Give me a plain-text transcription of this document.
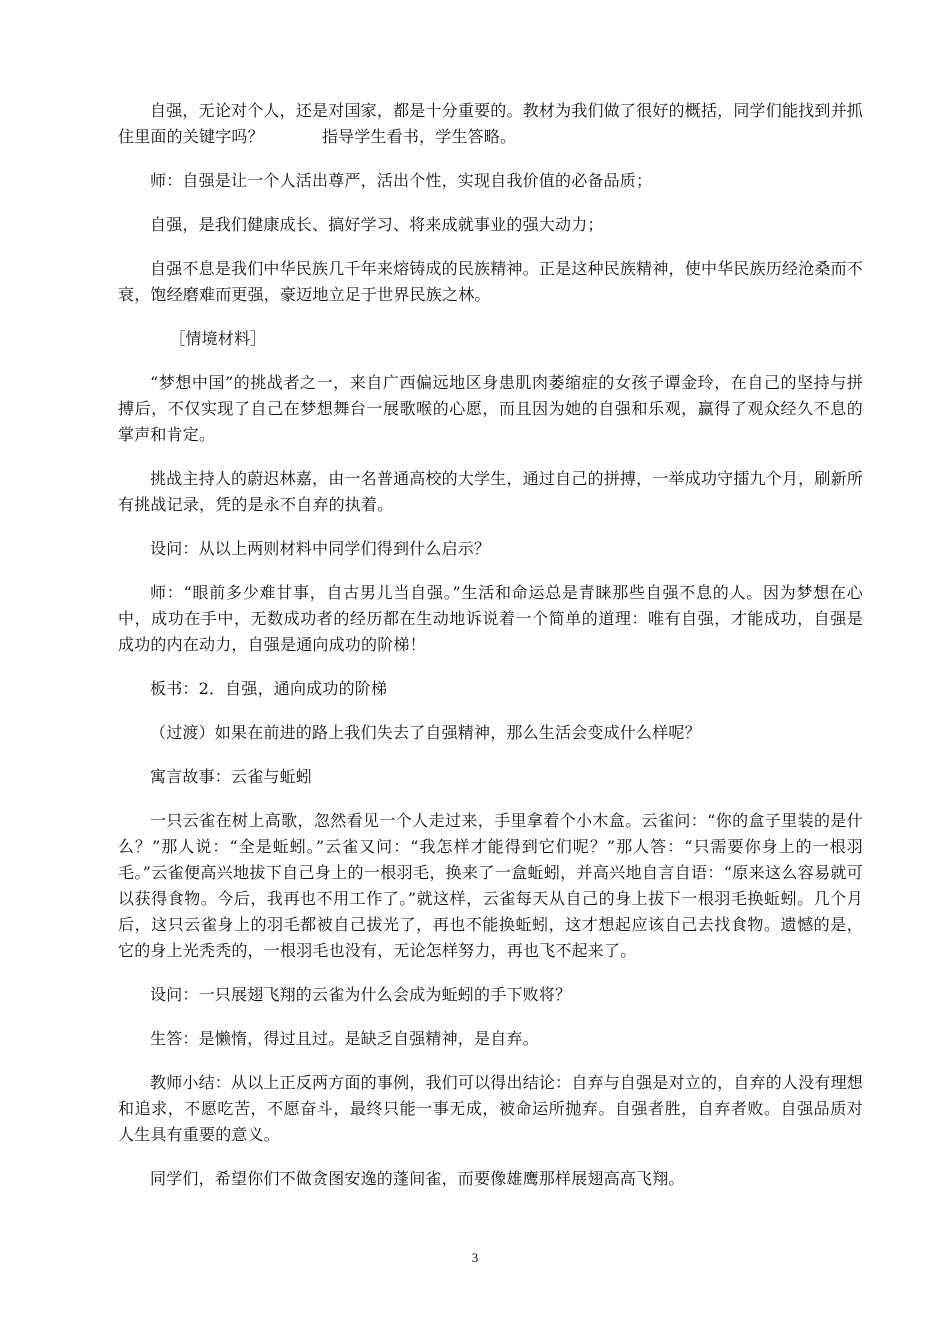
自强，无论对个人，还是对国家，都是十分重要的。教材为我们做了很好的概括，同学们能找到并抓住里面的关键字吗？	指导学生看书，学生答略。

师：自强是让一个人活出尊严，活出个性，实现自我价值的必备品质；

自强，是我们健康成长、搞好学习、将来成就事业的强大动力；

自强不息是我们中华民族几千年来熔铸成的民族精神。正是这种民族精神，使中华民族历经沧桑而不衰，饱经磨难而更强，豪迈地立足于世界民族之林。

［情境材料］

“梦想中国”的挑战者之一，来自广西偏远地区身患肌肉萎缩症的女孩子谭金玲，在自己的坚持与拼搏后，不仅实现了自己在梦想舞台一展歌喉的心愿，而且因为她的自强和乐观，赢得了观众经久不息的掌声和肯定。

挑战主持人的蔚迟林嘉，由一名普通高校的大学生，通过自己的拼搏，一举成功守擂九个月，刷新所有挑战记录，凭的是永不自弃的执着。

设问：从以上两则材料中同学们得到什么启示？

师：“眼前多少难甘事，自古男儿当自强。”生活和命运总是青睐那些自强不息的人。因为梦想在心中，成功在手中，无数成功者的经历都在生动地诉说着一个简单的道理：唯有自强，才能成功，自强是成功的内在动力，自强是通向成功的阶梯！

板书：2．自强，通向成功的阶梯

（过渡）如果在前进的路上我们失去了自强精神，那么生活会变成什么样呢？

寓言故事：云雀与蚯蚓

一只云雀在树上高歌，忽然看见一个人走过来，手里拿着个小木盒。云雀问：“你的盒子里装的是什么？”那人说：“全是蚯蚓。”云雀又问：“我怎样才能得到它们呢？”那人答：“只需要你身上的一根羽毛。”云雀便高兴地拔下自己身上的一根羽毛，换来了一盒蚯蚓，并高兴地自言自语：“原来这么容易就可以获得食物。今后，我再也不用工作了。”就这样，云雀每天从自己的身上拔下一根羽毛换蚯蚓。几个月后，这只云雀身上的羽毛都被自己拔光了，再也不能换蚯蚓，这才想起应该自己去找食物。遗憾的是，它的身上光秃秃的，一根羽毛也没有，无论怎样努力，再也飞不起来了。

设问：一只展翅飞翔的云雀为什么会成为蚯蚓的手下败将？

生答：是懒惰，得过且过。是缺乏自强精神，是自弃。

教师小结：从以上正反两方面的事例，我们可以得出结论：自弃与自强是对立的，自弃的人没有理想和追求，不愿吃苦，不愿奋斗，最终只能一事无成，被命运所抛弃。自强者胜，自弃者败。自强品质对人生具有重要的意义。

同学们，希望你们不做贪图安逸的蓬间雀，而要像雄鹰那样展翅高高飞翔。

3
